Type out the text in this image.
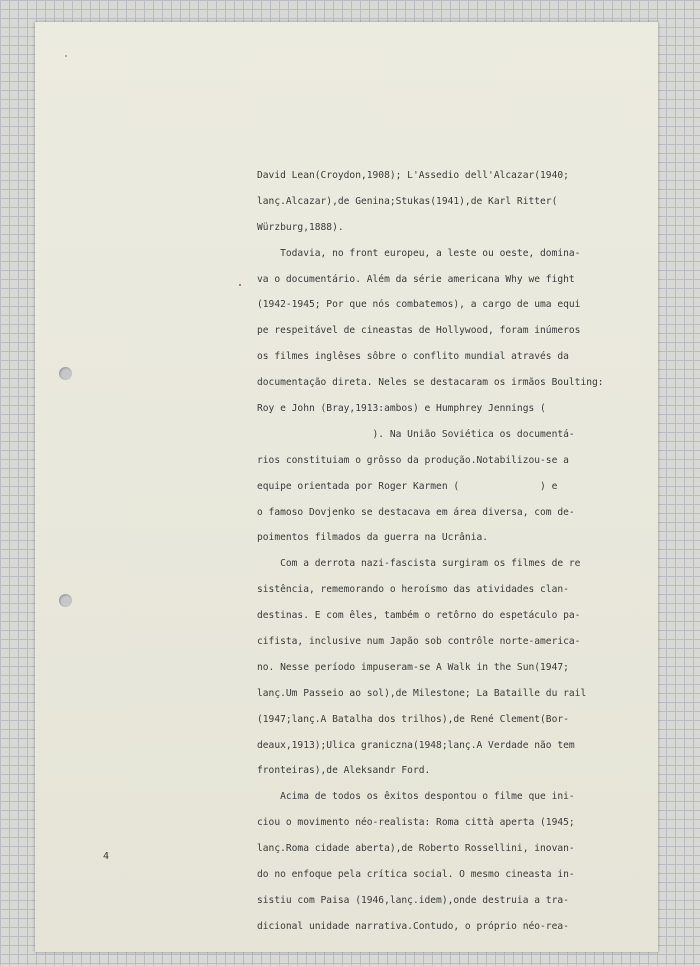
David Lean(Croydon,1908); L'Assedio dell'Alcazar(1940;
lanç.Alcazar),de Genina;Stukas(1941),de Karl Ritter(
Würzburg,1888).
Todavia, no front europeu, a leste ou oeste, domina-
va o documentário. Além da série americana Why we fight
(1942-1945; Por que nós combatemos), a cargo de uma equi
pe respeitável de cineastas de Hollywood, foram inúmeros
os filmes inglêses sôbre o conflito mundial através da
documentação direta. Neles se destacaram os irmãos Boulting:
Roy e John (Bray,1913:ambos) e Humphrey Jennings (
). Na União Soviética os documentá-
rios constituiam o grôsso da produção.Notabilizou-se a
equipe orientada por Roger Karmen (              ) e
o famoso Dovjenko se destacava em área diversa, com de-
poimentos filmados da guerra na Ucrânia.
Com a derrota nazi-fascista surgiram os filmes de re
sistência, rememorando o heroísmo das atividades clan-
destinas. E com êles, também o retôrno do espetáculo pa-
cifista, inclusive num Japão sob contrôle norte-america-
no. Nesse período impuseram-se A Walk in the Sun(1947;
lanç.Um Passeio ao sol),de Milestone; La Bataille du rail
(1947;lanç.A Batalha dos trilhos),de René Clement(Bor-
deaux,1913);Ulica graniczna(1948;lanç.A Verdade não tem
fronteiras),de Aleksandr Ford.
Acima de todos os êxitos despontou o filme que ini-
ciou o movimento néo-realista: Roma città aperta (1945;
lanç.Roma cidade aberta),de Roberto Rossellini, inovan-
do no enfoque pela crítica social. O mesmo cineasta in-
sistiu com Paisa (1946,lanç.idem),onde destruia a tra-
dicional unidade narrativa.Contudo, o próprio néo-rea-
4
